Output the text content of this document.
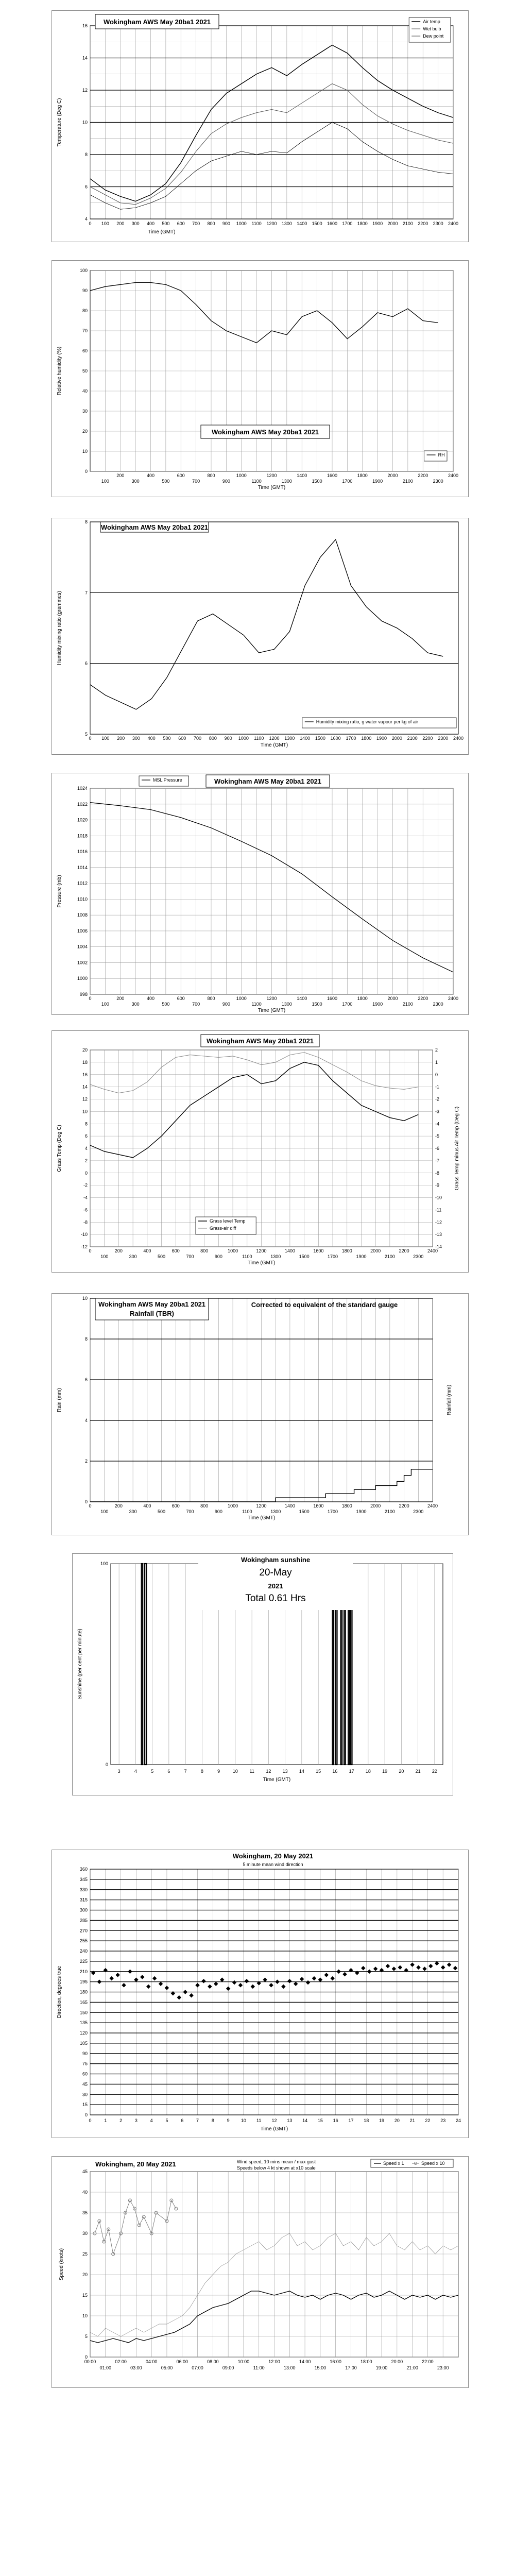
4
6
8
10
12
14
16
0 100 200 300 400 500 600 700 800 900 1000 1100 1200 1300 1400 1500 1600 1700 1800 1900 2000 2100 2200 2300 2400
Time (GMT)
Temperature (Deg C)
Wokingham AWS May 20ba1 2021	Air temp
Wet bulb
Dew point
0
10
20
30
40
50
60
70
80
90
100
200	400	600	800	1000	1200	1400	1600	1800	2000	2200	2400
100	300	500	700	900	1100	1300	1500	1700	1900	2100	2300
Time (GMT)
Relative humidity (%)
Wokingham AWS May 20ba1 2021
RH
5
6
7
8
0 100 200 300 400 500 600 700 800 900 1000 1100 1200 1300 1400 1500 1600 1700 1800 1900 2000 2100 2200 2300 2400
Time (GMT)
Humidity mixing ratio (grammes)
Wokingham AWS May 20ba1 2021
Humidity mixing ratio, g water vapour per kg of air
998
1000
1002
1004
1006
1008
1010
1012
1014
1016
1018
1020
1022
1024
0	200	400	600	800	1000	1200	1400	1600	1800	2000	2200	2400
100	300	500	700	900	1100	1300	1500	1700	1900	2100	2300
Time (GMT)
Pressure (mb)
MSL Pressure	Wokingham AWS May 20ba1 2021
-12
-10
-8
-6
-4
-2
0
2
4
6
8
10
12
14
16
18
20
-14
-13
-12
-11
-10
-9
-8
-7
-6
-5
-4
-3
-2
-1
0
1
2
0	200	400	600	800	1000	1200	1400	1600	1800	2000	2200	2400
100	300	500	700	900	1100	1300	1500	1700	1900	2100	2300
Time (GMT)
Grass Temp (Deg C)	Grass Temp minus Air Temp (Deg C)
Wokingham AWS May 20ba1 2021
Grass level Temp
Grass-air diff
0
2
4
6
8
10
0	200	400	600	800	1000	1200	1400	1600	1800	2000	2200	2400
100	300	500	700	900	1100	1300	1500	1700	1900	2100	2300
Time (GMT)
Rain (mm)	Rainfall (mm)
Wokingham AWS May 20ba1 2021
Rainfall (TBR)
Corrected to equivalent of the standard gauge
0
100
3	4	5	6	7	8	9	10	11	12 13 14 15 16 17 18 19 20 21 22
Time (GMT)
Sunshine (per cent per minute)
Wokingham sunshine
20-May
2021
Total 0.61 Hrs
0
15
30
45
60
75
90
105
120
135
150
165
180
195
210
225
240
255
270
285
300
315
330
345
360
0	1	2	3	4	5	6	7	8	9 10 11 12 13 14 15 16 17 18 19 20 21 22 23 24
Time (GMT)
Direction, degrees true
Wokingham, 20 May 2021
5 minute mean wind direction
0
5
10
15
20
25
30
35
40
45
00:00	02:00	04:00	06:00	08:00	10:00	12:00	14:00	16:00	18:00	20:00	22:00
01:00	03:00	05:00	07:00	09:00	11:00	13:00	15:00	17:00	19:00	21:00	23:00
Speed (knots)
Wokingham, 20 May 2021	Wind speed, 10 mins mean / max gust
Speeds below 4 kt shown at x10 scale
Speed x 1	Speed x 10
